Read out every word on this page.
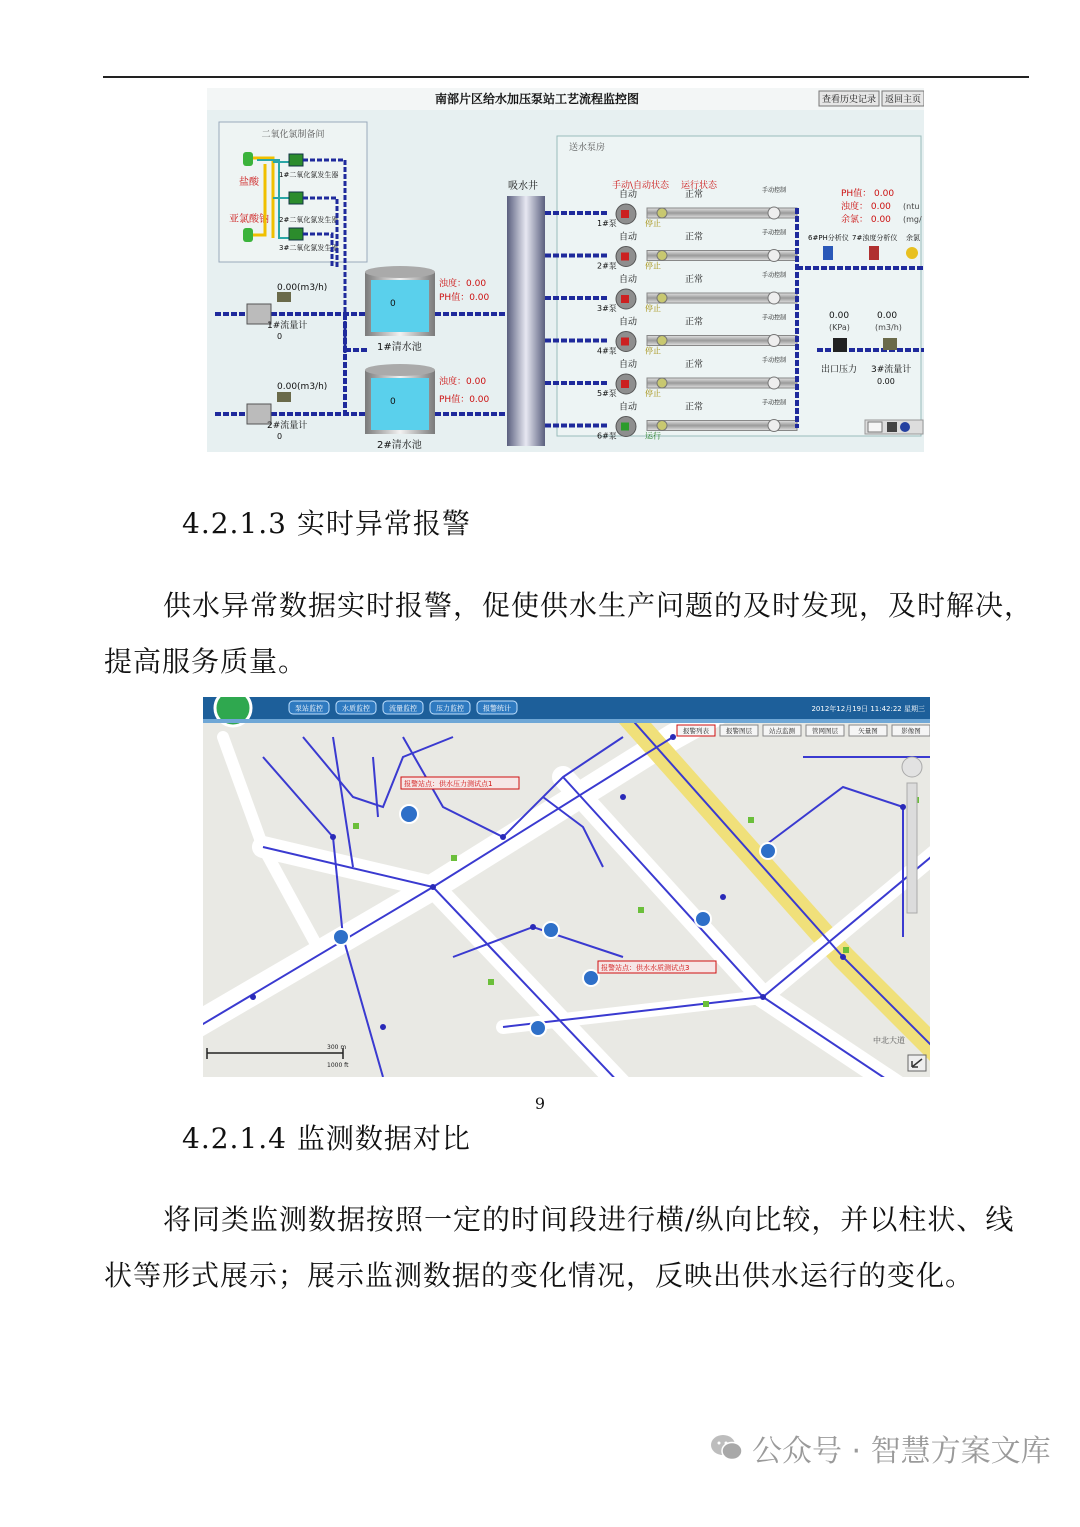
南部片区给水加压泵站工艺流程监控图	查看历史记录 返回主页
二氧化氯制备间
盐酸
亚氯酸钠
1#二氧化氯发生器
2#二氧化氯发生器
3#二氧化氯发生器
0.00(m3/h)
1#流量计
0
0.00(m3/h)
2#流量计
0
0
1#清水池
0
2#清水池
浊度：0.00
PH值：0.00
浊度：0.00
PH值：0.00
吸水井
送水泵房
手动\自动状态 运行状态
自动	正常
1#泵	停止
手动控制
自动	正常
2#泵	停止
手动控制
自动	正常
3#泵	停止
手动控制
自动	正常
4#泵	停止
手动控制
自动	正常
5#泵	停止
手动控制
自动	正常
6#泵	运行
手动控制
PH值： 0.00
浊度： 0.00 (ntu
余氯： 0.00 (mg/
6#PH分析仪 7#浊度分析仪 余氯
0.00
(KPa)
出口压力
0.00
(m3/h)
3#流量计
0.00
4.2.1.3 实时异常报警
供水异常数据实时报警，促使供水生产问题的及时发现，及时解决，
提高服务质量。
泵站监控	水质监控	流量监控	压力监控	报警统计	2012年12月19日 11:42:22 星期三
报警列表	报警图层	站点监测	管网图层	矢量图	影像图
报警站点：供水压力测试点1
报警站点：供水水质测试点3
中北大道
300 m
1000 ft
4.2.1.4 监测数据对比
将同类监测数据按照一定的时间段进行横/纵向比较，并以柱状、线
状等形式展示；展示监测数据的变化情况，反映出供水运行的变化。
9
公众号 · 智慧方案文库
